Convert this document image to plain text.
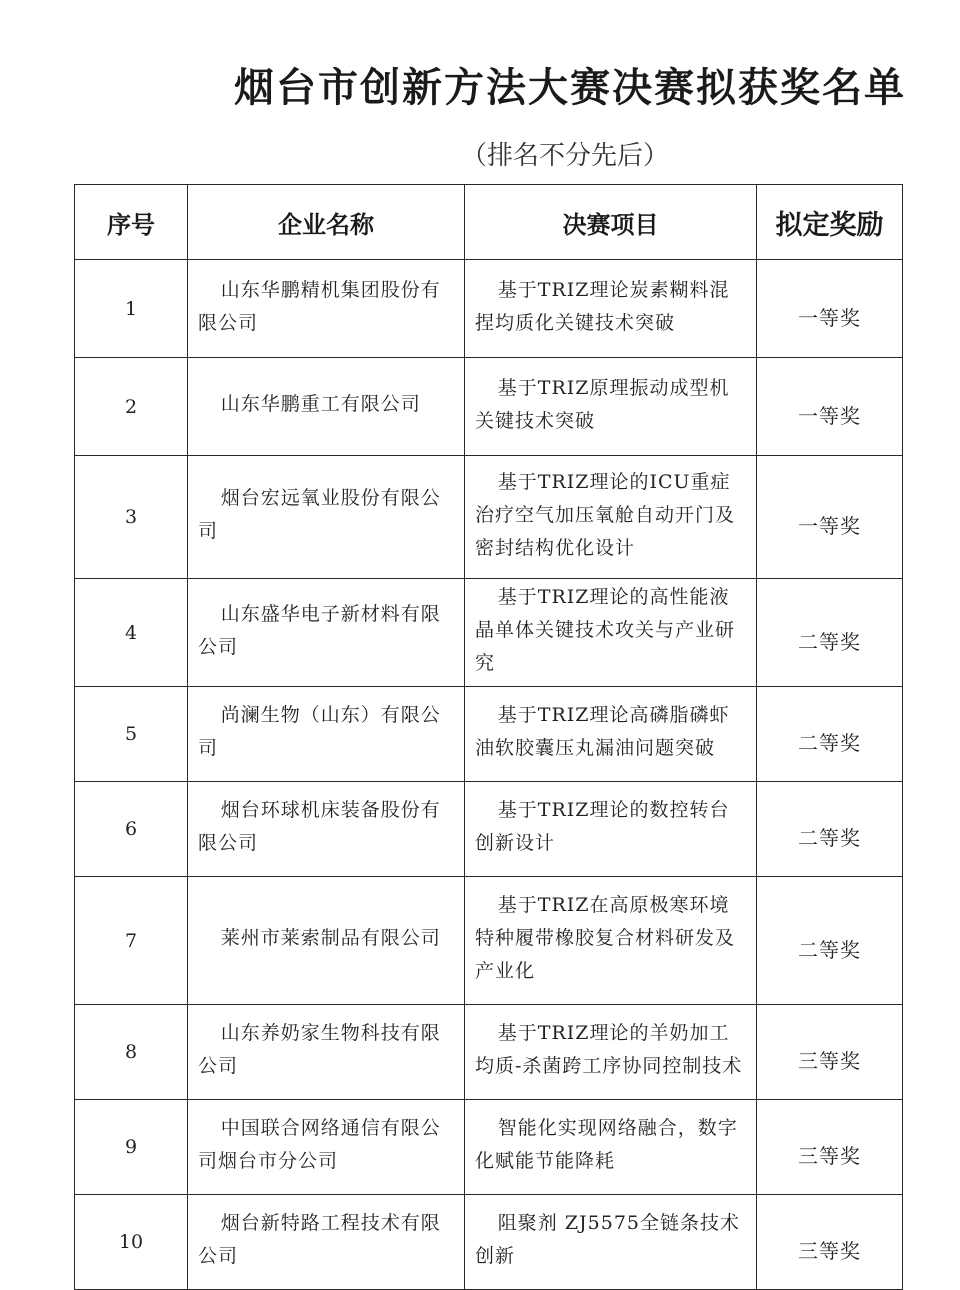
烟台市创新方法大赛决赛拟获奖名单
（排名不分先后）
序号	企业名称	决赛项目	拟定奖励
1	山东华鹏精机集团股份有限公司	基于TRIZ理论炭素糊料混捏均质化关键技术突破	一等奖
2	山东华鹏重工有限公司	基于TRIZ原理振动成型机关键技术突破	一等奖
3	烟台宏远氧业股份有限公司	基于TRIZ理论的ICU重症治疗空气加压氧舱自动开门及密封结构优化设计	一等奖
4	山东盛华电子新材料有限公司	基于TRIZ理论的高性能液晶单体关键技术攻关与产业研究	二等奖
5	尚澜生物（山东）有限公司	基于TRIZ理论高磷脂磷虾油软胶囊压丸漏油问题突破	二等奖
6	烟台环球机床装备股份有限公司	基于TRIZ理论的数控转台创新设计	二等奖
7	莱州市莱索制品有限公司	基于TRIZ在高原极寒环境特种履带橡胶复合材料研发及产业化	二等奖
8	山东养奶家生物科技有限公司	基于TRIZ理论的羊奶加工均质-杀菌跨工序协同控制技术	三等奖
9	中国联合网络通信有限公司烟台市分公司	智能化实现网络融合，数字化赋能节能降耗	三等奖
10	烟台新特路工程技术有限公司	阻聚剂 ZJ5575全链条技术创新	三等奖
